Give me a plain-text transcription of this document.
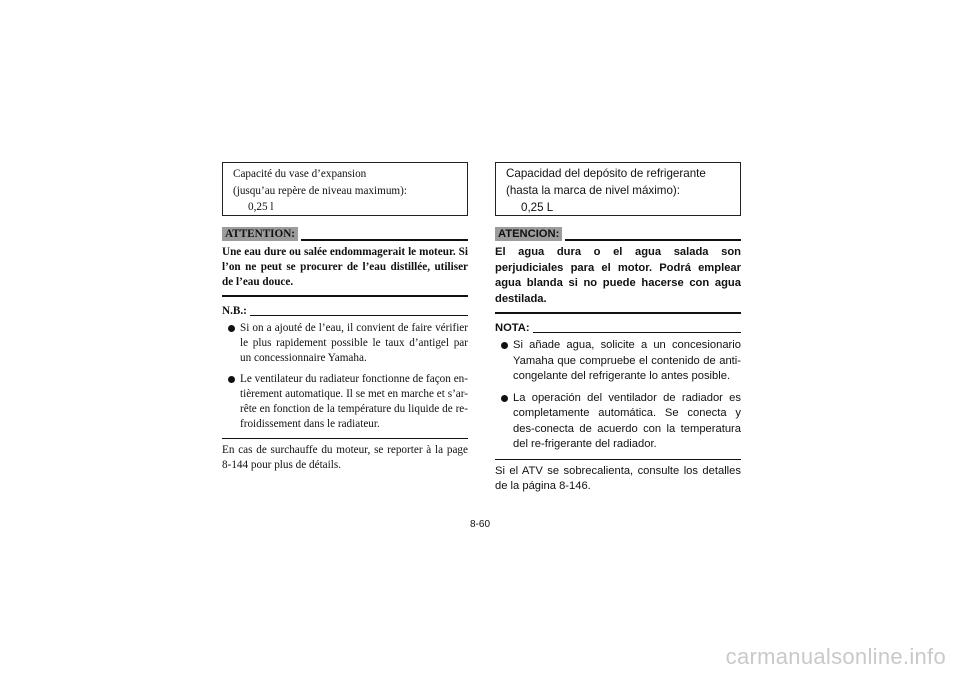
Capacité du vase d’expansion
(jusqu’au repère de niveau maximum):
0,25 l
ATTENTION:
Une eau dure ou salée endommagerait le moteur. Si l’on ne peut se procurer de l’eau distillée, utiliser de l’eau douce.
N.B.:
Si on a ajouté de l’eau, il convient de faire vérifier le plus rapidement possible le taux d’antigel par un concessionnaire Yamaha.
Le ventilateur du radiateur fonctionne de façon en-tièrement automatique. Il se met en marche et s’ar-rête en fonction de la température du liquide de re-froidissement dans le radiateur.
En cas de surchauffe du moteur, se reporter à la page 8-144 pour plus de détails.
Capacidad del depósito de refrigerante
(hasta la marca de nivel máximo):
0,25 L
ATENCION:
El agua dura o el agua salada son perjudiciales para el motor. Podrá emplear agua blanda si no puede hacerse con agua destilada.
NOTA:
Si añade agua, solicite a un concesionario Yamaha que compruebe el contenido de anti-congelante del refrigerante lo antes posible.
La operación del ventilador de radiador es completamente automática. Se conecta y des-conecta de acuerdo con la temperatura del re-frigerante del radiador.
Si el ATV se sobrecalienta, consulte los detalles de la página 8-146.
8-60
carmanualsonline.info
